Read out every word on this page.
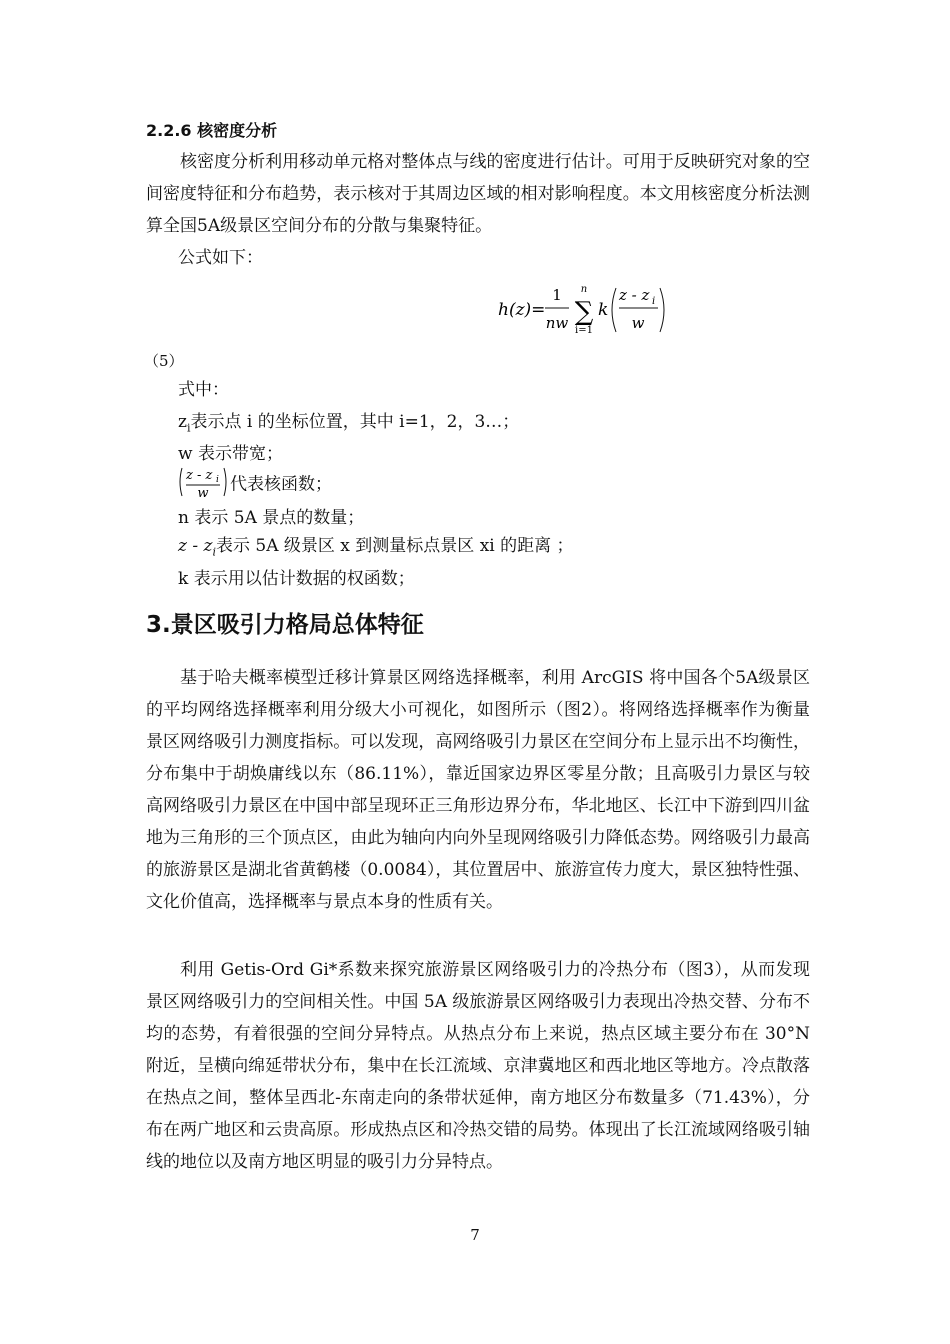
2.2.6 核密度分析

核密度分析利用移动单元格对整体点与线的密度进行估计。可用于反映研究对象的空间密度特征和分布趋势，表示核对于其周边区域的相对影响程度。本文用核密度分析法测算全国5A级景区空间分布的分散与集聚特征。

公式如下：
h(z)=
1
nw
n
∑
i=1
k
z - z i
w
（5）
式中：
$z_i$表示点 i 的坐标位置，其中 i=1，2，3…；
w 表示带宽；
z - z i
w 代表核函数；
n 表示 5A 景点的数量；
z - $z_i$表示 5A 级景区 x 到测量标点景区 xi 的距离 ；
k 表示用以估计数据的权函数；
3.景区吸引力格局总体特征

基于哈夫概率模型迁移计算景区网络选择概率，利用 ArcGIS 将中国各个5A级景区的平均网络选择概率利用分级大小可视化，如图所示（图2）。将网络选择概率作为衡量景区网络吸引力测度指标。可以发现，高网络吸引力景区在空间分布上显示出不均衡性，分布集中于胡焕庸线以东（86.11%），靠近国家边界区零星分散；且高吸引力景区与较高网络吸引力景区在中国中部呈现环正三角形边界分布，华北地区、长江中下游到四川盆地为三角形的三个顶点区，由此为轴向内向外呈现网络吸引力降低态势。网络吸引力最高的旅游景区是湖北省黄鹤楼（0.0084），其位置居中、旅游宣传力度大，景区独特性强、文化价值高，选择概率与景点本身的性质有关。

利用 Getis-Ord Gi*系数来探究旅游景区网络吸引力的冷热分布（图3），从而发现景区网络吸引力的空间相关性。中国 5A 级旅游景区网络吸引力表现出冷热交替、分布不均的态势，有着很强的空间分异特点。从热点分布上来说，热点区域主要分布在 30°N 附近，呈横向绵延带状分布，集中在长江流域、京津冀地区和西北地区等地方。冷点散落在热点之间，整体呈西北-东南走向的条带状延伸，南方地区分布数量多（71.43%），分布在两广地区和云贵高原。形成热点区和冷热交错的局势。体现出了长江流域网络吸引轴线的地位以及南方地区明显的吸引力分异特点。

7
